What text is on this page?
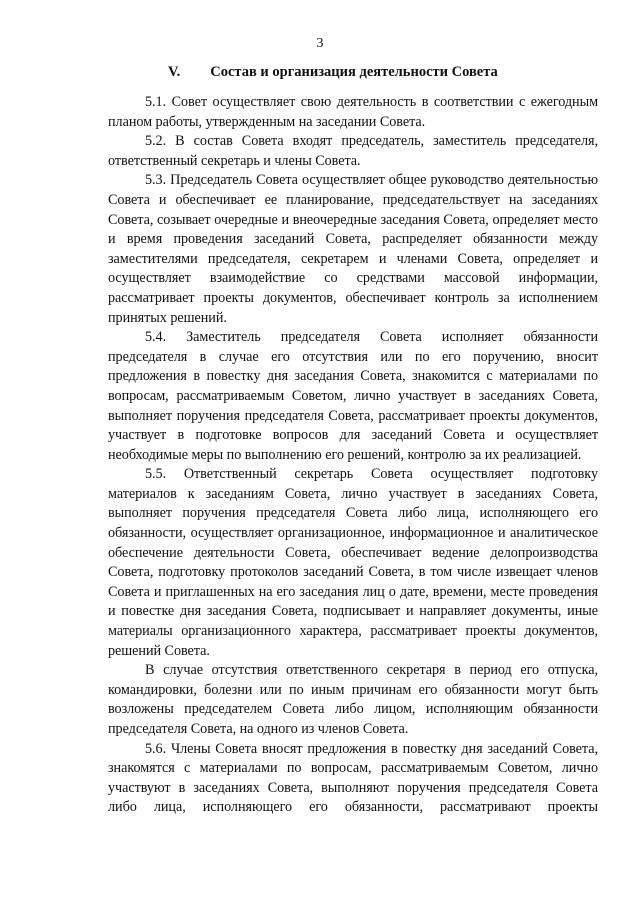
3
V. Состав и организация деятельности Совета

5.1. Совет осуществляет свою деятельность в соответствии с ежегодным планом работы, утвержденным на заседании Совета.

5.2. В состав Совета входят председатель, заместитель председателя, ответственный секретарь и члены Совета.

5.3. Председатель Совета осуществляет общее руководство деятельностью Совета и обеспечивает ее планирование, председательствует на заседаниях Совета, созывает очередные и внеочередные заседания Совета, определяет место и время проведения заседаний Совета, распределяет обязанности между заместителями председателя, секретарем и членами Совета, определяет и осуществляет взаимодействие со средствами массовой информации, рассматривает проекты документов, обеспечивает контроль за исполнением принятых решений.

5.4. Заместитель председателя Совета исполняет обязанности председателя в случае его отсутствия или по его поручению, вносит предложения в повестку дня заседания Совета, знакомится с материалами по вопросам, рассматриваемым Советом, лично участвует в заседаниях Совета, выполняет поручения председателя Совета, рассматривает проекты документов, участвует в подготовке вопросов для заседаний Совета и осуществляет необходимые меры по выполнению его решений, контролю за их реализацией.

5.5. Ответственный секретарь Совета осуществляет подготовку материалов к заседаниям Совета, лично участвует в заседаниях Совета, выполняет поручения председателя Совета либо лица, исполняющего его обязанности, осуществляет организационное, информационное и аналитическое обеспечение деятельности Совета, обеспечивает ведение делопроизводства Совета, подготовку протоколов заседаний Совета, в том числе извещает членов Совета и приглашенных на его заседания лиц о дате, времени, месте проведения и повестке дня заседания Совета, подписывает и направляет документы, иные материалы организационного характера, рассматривает проекты документов, решений Совета.

В случае отсутствия ответственного секретаря в период его отпуска, командировки, болезни или по иным причинам его обязанности могут быть возложены председателем Совета либо лицом, исполняющим обязанности председателя Совета, на одного из членов Совета.

5.6. Члены Совета вносят предложения в повестку дня заседаний Совета, знакомятся с материалами по вопросам, рассматриваемым Советом, лично участвуют в заседаниях Совета, выполняют поручения председателя Совета либо лица, исполняющего его обязанности, рассматривают проекты
